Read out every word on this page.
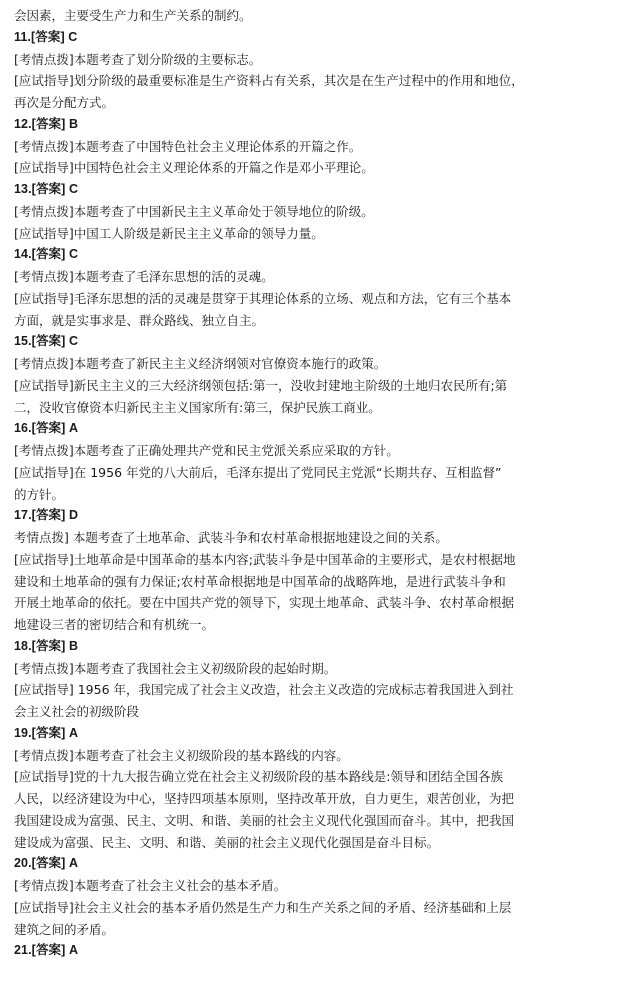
会因素，主要受生产力和生产关系的制约。
11.[答案] C
[考情点拨]本题考查了划分阶级的主要标志。
[应试指导]划分阶级的最重要标准是生产资料占有关系，其次是在生产过程中的作用和地位，
再次是分配方式。
12.[答案] B
[考情点拨]本题考查了中国特色社会主义理论体系的开篇之作。
[应试指导]中国特色社会主义理论体系的开篇之作是邓小平理论。
13.[答案] C
[考情点拨]本题考查了中国新民主主义革命处于领导地位的阶级。
[应试指导]中国工人阶级是新民主主义革命的领导力量。
14.[答案] C
[考情点拨]本题考查了毛泽东思想的活的灵魂。
[应试指导]毛泽东思想的活的灵魂是贯穿于其理论体系的立场、观点和方法，它有三个基本
方面，就是实事求是、群众路线、独立自主。
15.[答案] C
[考情点拨]本题考查了新民主主义经济纲领对官僚资本施行的政策。
[应试指导]新民主主义的三大经济纲领包括:第一，没收封建地主阶级的土地归农民所有;第
二，没收官僚资本归新民主主义国家所有:第三，保护民族工商业。
16.[答案] A
[考情点拨]本题考查了正确处理共产党和民主党派关系应采取的方针。
[应试指导]在 1956 年党的八大前后，毛泽东提出了党同民主党派“长期共存、互相监督”
的方针。
17.[答案] D
考情点拨] 本题考查了土地革命、武装斗争和农村革命根据地建设之间的关系。
[应试指导]土地革命是中国革命的基本内容;武装斗争是中国革命的主要形式，是农村根据地
建设和土地革命的强有力保证;农村革命根据地是中国革命的战略阵地，是进行武装斗争和
开展土地革命的依托。要在中国共产党的领导下，实现土地革命、武装斗争、农村革命根据
地建设三者的密切结合和有机统一。
18.[答案] B
[考情点拨]本题考查了我国社会主义初级阶段的起始时期。
[应试指导] 1956 年，我国完成了社会主义改造，社会主义改造的完成标志着我国进入到社
会主义社会的初级阶段
19.[答案] A
[考情点拨]本题考查了社会主义初级阶段的基本路线的内容。
[应试指导]党的十九大报告确立党在社会主义初级阶段的基本路线是:领导和团结全国各族
人民，以经济建设为中心，坚持四项基本原则，坚持改革开放，自力更生，艰苦创业，为把
我国建设成为富强、民主、文明、和谐、美丽的社会主义现代化强国而奋斗。其中，把我国
建设成为富强、民主、文明、和谐、美丽的社会主义现代化强国是奋斗目标。
20.[答案] A
[考情点拨]本题考查了社会主义社会的基本矛盾。
[应试指导]社会主义社会的基本矛盾仍然是生产力和生产关系之间的矛盾、经济基础和上层
建筑之间的矛盾。
21.[答案] A
